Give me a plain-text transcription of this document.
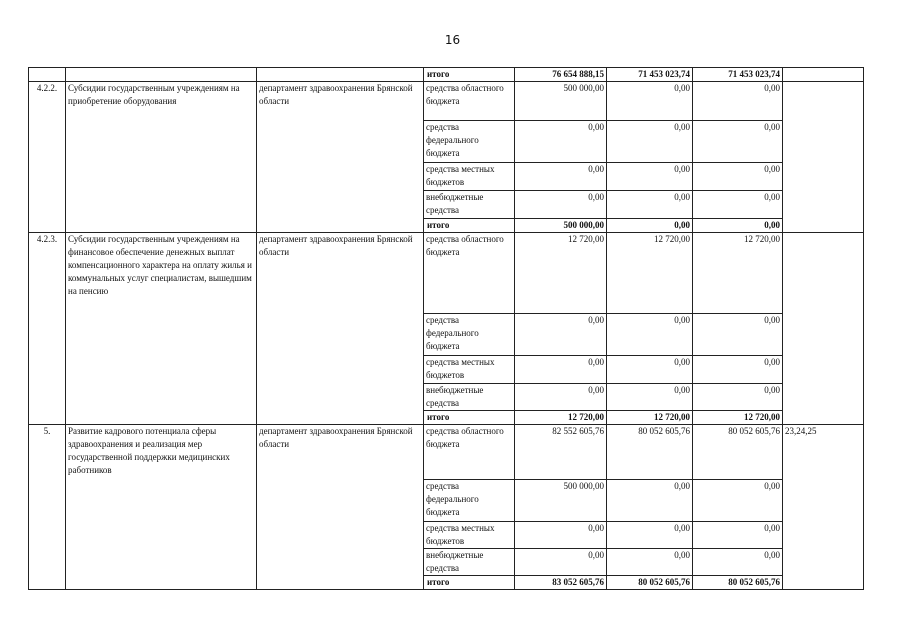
16
			итого	76 654 888,15	71 453 023,74	71 453 023,74	
4.2.2.	Субсидии государственным учреждениям на приобретение оборудования	департамент здравоохранения Брянской области	средства областного бюджета	500 000,00	0,00	0,00	
			средства федерального бюджета	0,00	0,00	0,00	
			средства местных бюджетов	0,00	0,00	0,00	
			внебюджетные средства	0,00	0,00	0,00	
			итого	500 000,00	0,00	0,00	
4.2.3.	Субсидии государственным учреждениям на финансовое обеспечение денежных выплат компенсационного характера на оплату жилья и коммунальных услуг специалистам, вышедшим на пенсию	департамент здравоохранения Брянской области	средства областного бюджета	12 720,00	12 720,00	12 720,00	
			средства федерального бюджета	0,00	0,00	0,00	
			средства местных бюджетов	0,00	0,00	0,00	
			внебюджетные средства	0,00	0,00	0,00	
			итого	12 720,00	12 720,00	12 720,00	
5.	Развитие кадрового потенциала сферы здравоохранения и реализация мер государственной поддержки медицинских работников	департамент здравоохранения Брянской области	средства областного бюджета	82 552 605,76	80 052 605,76	80 052 605,76	23,24,25
			средства федерального бюджета	500 000,00	0,00	0,00	
			средства местных бюджетов	0,00	0,00	0,00	
			внебюджетные средства	0,00	0,00	0,00	
			итого	83 052 605,76	80 052 605,76	80 052 605,76	
